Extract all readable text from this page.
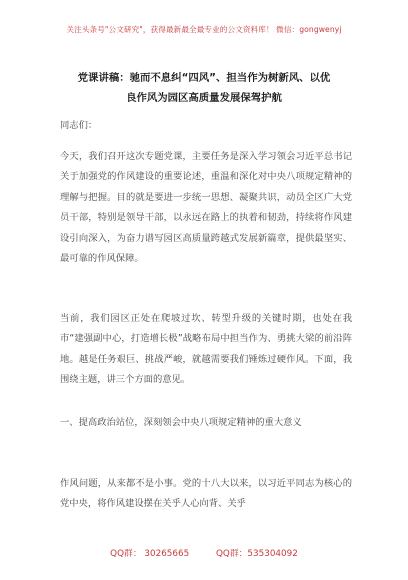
关注头条号"公文研究"，获得最新最全最专业的公文资料库！ 微信：gongwenyj
党课讲稿：驰而不息纠“四风”、担当作为树新风、以优
良作风为园区高质量发展保驾护航

同志们：

今天，我们召开这次专题党课，主要任务是深入学习领会习近平总书记关于加强党的作风建设的重要论述，重温和深化对中央八项规定精神的理解与把握。目的就是要进一步统一思想、凝聚共识，动员全区广大党员干部，特别是领导干部，以永远在路上的执着和韧劲，持续将作风建设引向深入，为奋力谱写园区高质量跨越式发展新篇章，提供最坚实、最可靠的作风保障。

当前，我们园区正处在爬坡过坎、转型升级的关键时期，也处在我市“建强副中心，打造增长极”战略布局中担当作为、勇挑大梁的前沿阵地。越是任务艰巨、挑战严峻，就越需要我们锤炼过硬作风。下面，我围绕主题，讲三个方面的意见。

一、提高政治站位，深刻领会中央八项规定精神的重大意义

作风问题，从来都不是小事。党的十八大以来，以习近平同志为核心的党中央，将作风建设摆在关乎人心向背、关乎

QQ群： 30265665	QQ群：535304092
